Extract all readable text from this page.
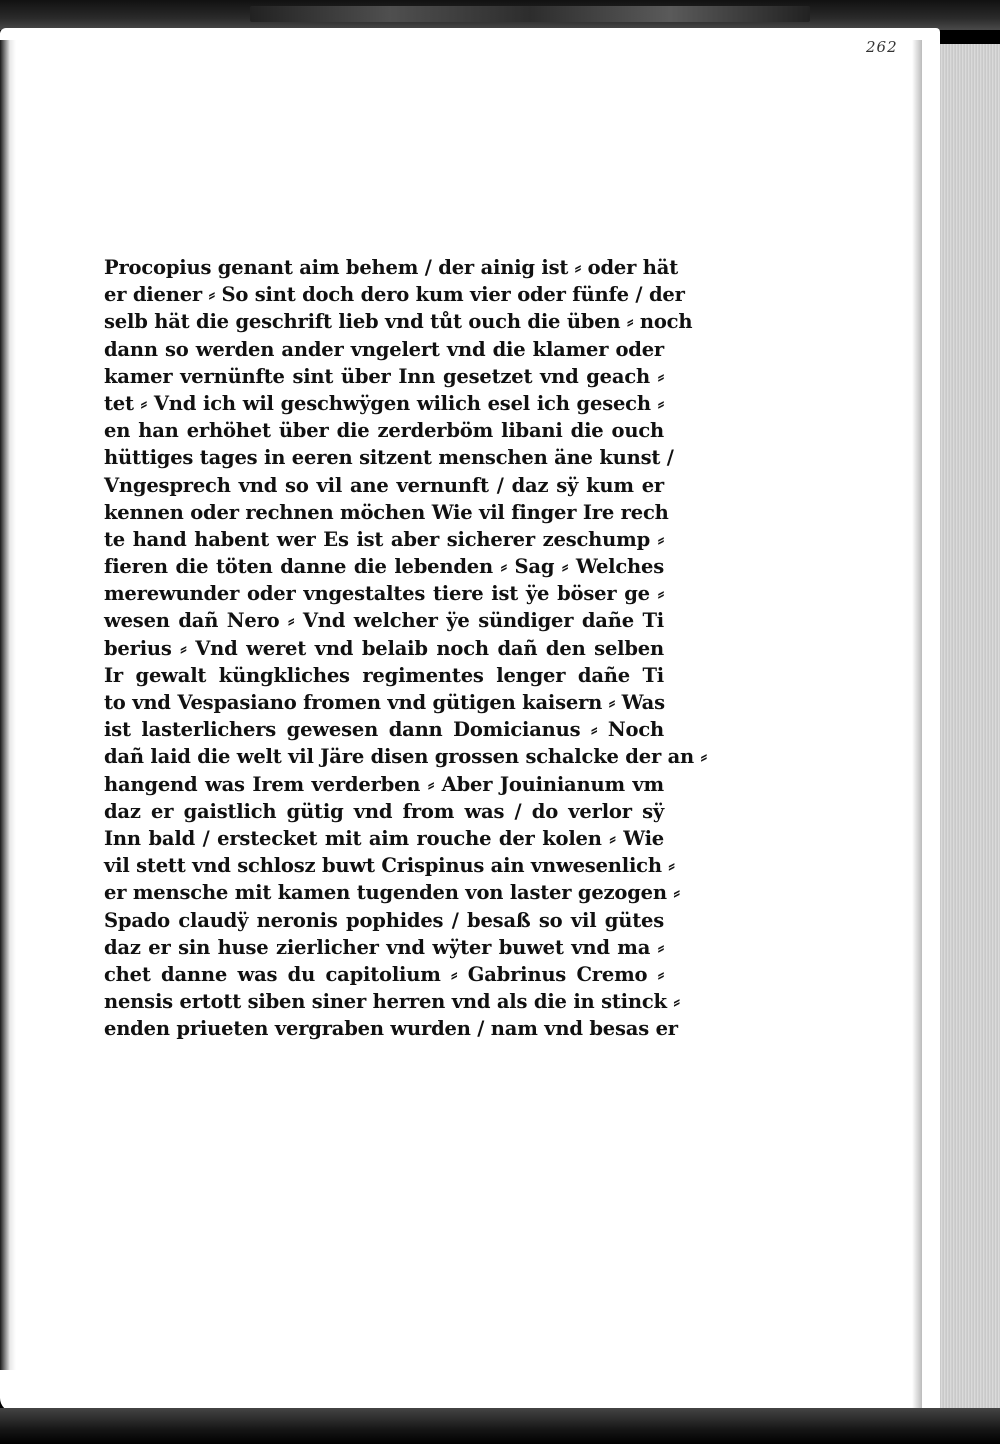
262
Procopius genant aim behem / der ainig ist ⸗ oder hät
er diener ⸗ So sint doch dero kum vier oder fünfe / der
selb hät die geschrift lieb vnd tůt ouch die üben ⸗ noch
dann so werden ander vngelert vnd die klamer oder
kamer vernünfte sint über Inn gesetzet vnd geach ⸗
tet ⸗ Vnd ich wil geschwÿgen wilich esel ich gesech ⸗
en han erhöhet über die zerderböm libani die ouch
hüttiges tages in eeren sitzent menschen äne kunst /
Vngesprech vnd so vil ane vernunft / daz sÿ kum er
kennen oder rechnen möchen Wie vil finger Ire rech
te hand habent wer Es ist aber sicherer zeschump ⸗
fieren die töten danne die lebenden ⸗ Sag ⸗ Welches
merewunder oder vngestaltes tiere ist ÿe böser ge ⸗
wesen dañ Nero ⸗ Vnd welcher ÿe sündiger dañe Ti
berius ⸗ Vnd weret vnd belaib noch dañ den selben
Ir gewalt küngkliches regimentes lenger dañe Ti
to vnd Vespasiano fromen vnd gütigen kaisern ⸗ Was
ist lasterlichers gewesen dann Domicianus ⸗ Noch
dañ laid die welt vil Järe disen grossen schalcke der an ⸗
hangend was Irem verderben ⸗ Aber Jouinianum vm
daz er gaistlich gütig vnd from was / do verlor sÿ
Inn bald / erstecket mit aim rouche der kolen ⸗ Wie
vil stett vnd schlosz buwt Crispinus ain vnwesenlich ⸗
er mensche mit kamen tugenden von laster gezogen ⸗
Spado claudÿ neronis pophides / besaß so vil gütes
daz er sin huse zierlicher vnd wÿter buwet vnd ma ⸗
chet danne was du capitolium ⸗ Gabrinus Cremo ⸗
nensis ertott siben siner herren vnd als die in stinck ⸗
enden priueten vergraben wurden / nam vnd besas er
